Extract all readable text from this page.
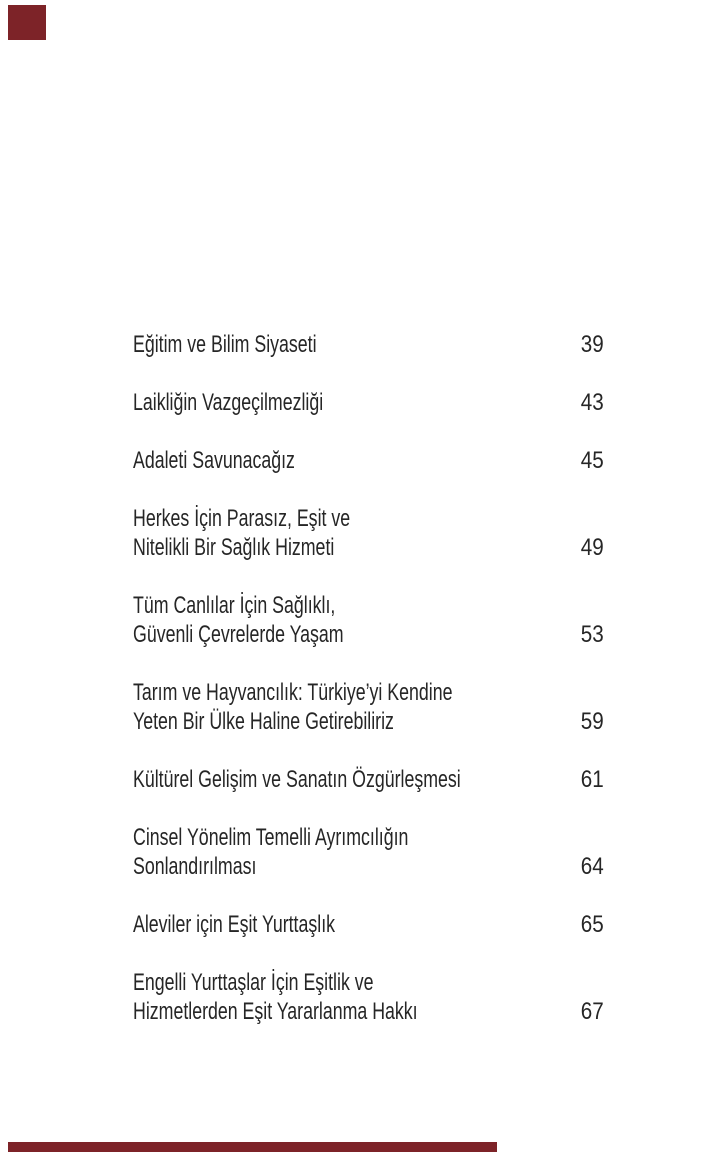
Eğitim ve Bilim Siyaseti	39
Laikliğin Vazgeçilmezliği	43
Adaleti Savunacağız	45
Herkes İçin Parasız, Eşit ve
Nitelikli Bir Sağlık Hizmeti	49
Tüm Canlılar İçin Sağlıklı,
Güvenli Çevrelerde Yaşam	53
Tarım ve Hayvancılık: Türkiye’yi Kendine
Yeten Bir Ülke Haline Getirebiliriz	59
Kültürel Gelişim ve Sanatın Özgürleşmesi	61
Cinsel Yönelim Temelli Ayrımcılığın
Sonlandırılması	64
Aleviler için Eşit Yurttaşlık	65
Engelli Yurttaşlar İçin Eşitlik ve
Hizmetlerden Eşit Yararlanma Hakkı	67
